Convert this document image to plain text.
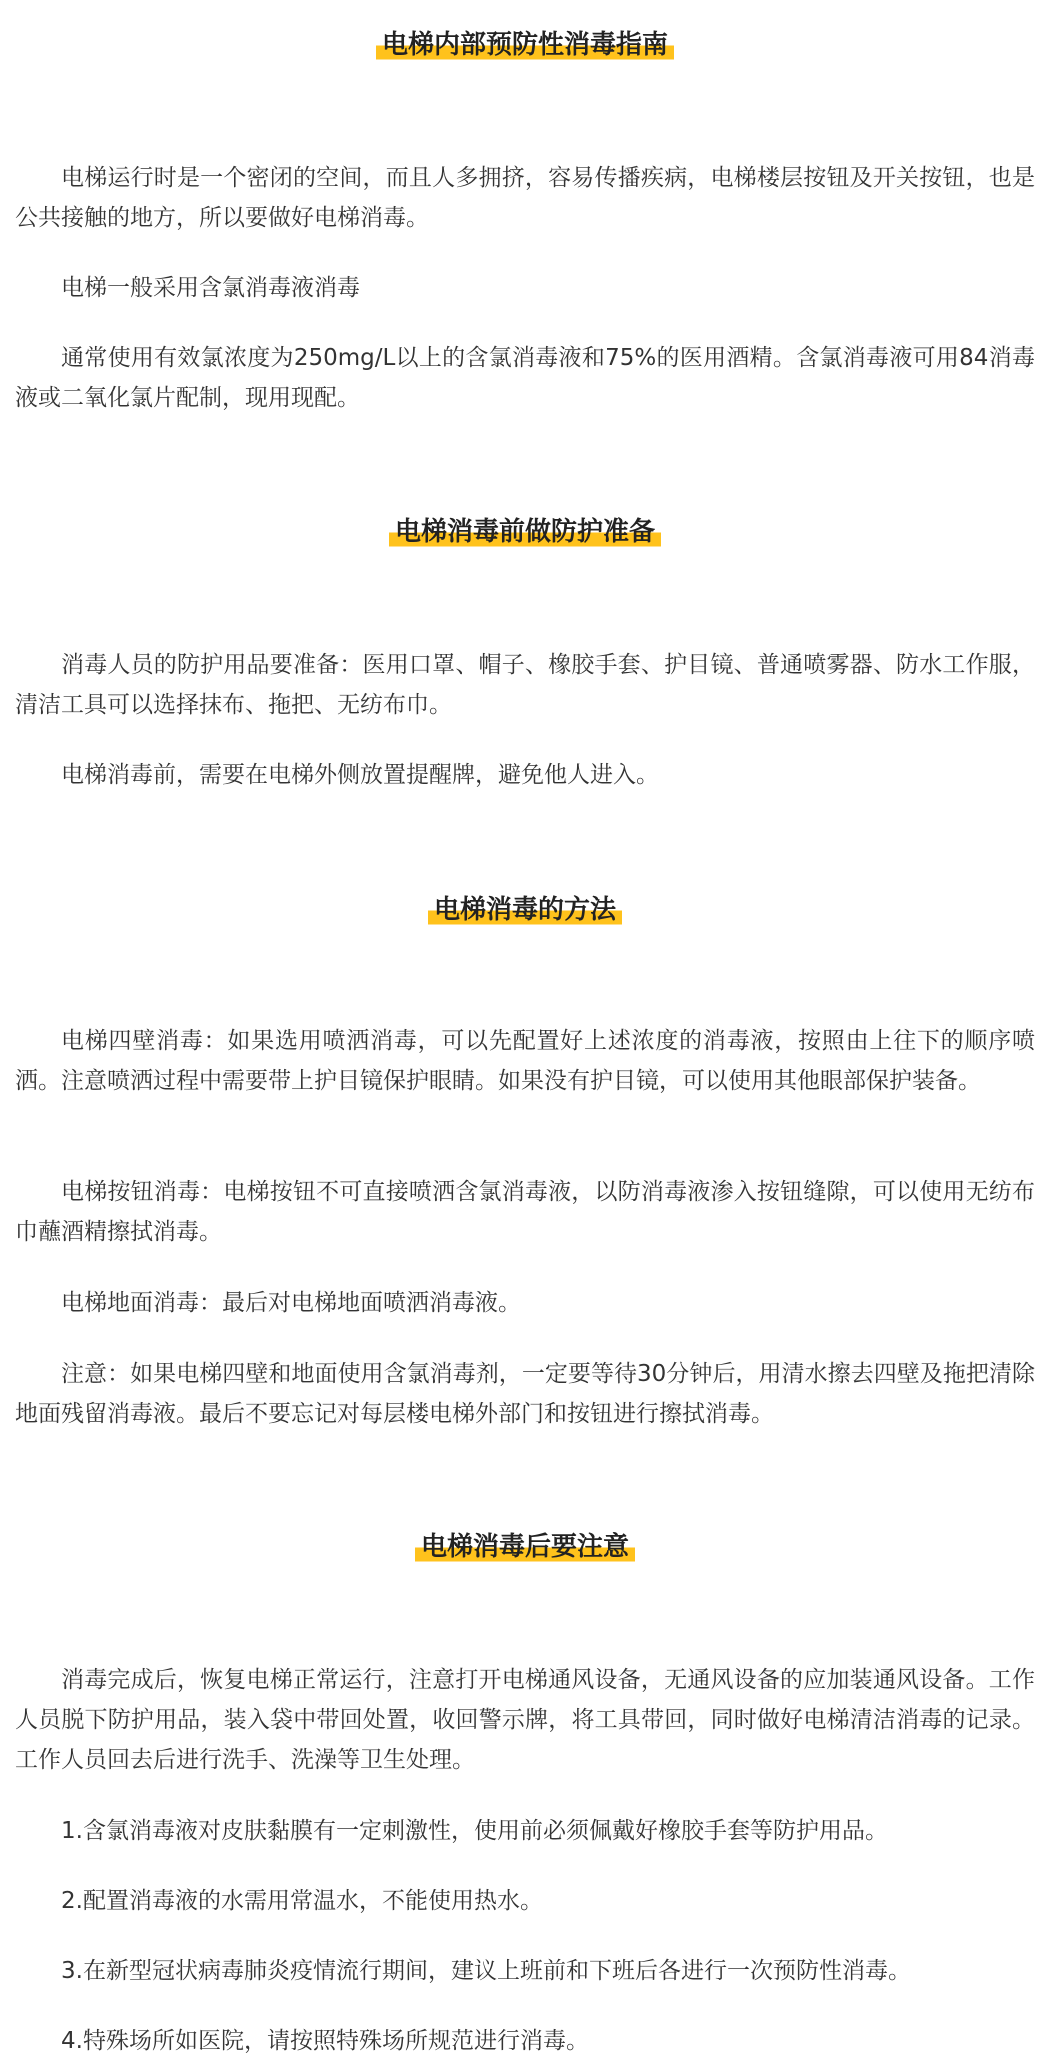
电梯内部预防性消毒指南

电梯运行时是一个密闭的空间，而且人多拥挤，容易传播疾病，电梯楼层按钮及开关按钮，也是公共接触的地方，所以要做好电梯消毒。

电梯一般采用含氯消毒液消毒

通常使用有效氯浓度为250mg/L以上的含氯消毒液和75%的医用酒精。含氯消毒液可用84消毒液或二氧化氯片配制，现用现配。

电梯消毒前做防护准备

消毒人员的防护用品要准备：医用口罩、帽子、橡胶手套、护目镜、普通喷雾器、防水工作服，清洁工具可以选择抹布、拖把、无纺布巾。

电梯消毒前，需要在电梯外侧放置提醒牌，避免他人进入。

电梯消毒的方法

电梯四壁消毒：如果选用喷洒消毒，可以先配置好上述浓度的消毒液，按照由上往下的顺序喷洒。注意喷洒过程中需要带上护目镜保护眼睛。如果没有护目镜，可以使用其他眼部保护装备。

电梯按钮消毒：电梯按钮不可直接喷洒含氯消毒液，以防消毒液渗入按钮缝隙，可以使用无纺布巾蘸酒精擦拭消毒。

电梯地面消毒：最后对电梯地面喷洒消毒液。

注意：如果电梯四壁和地面使用含氯消毒剂，一定要等待30分钟后，用清水擦去四壁及拖把清除地面残留消毒液。最后不要忘记对每层楼电梯外部门和按钮进行擦拭消毒。

电梯消毒后要注意

消毒完成后，恢复电梯正常运行，注意打开电梯通风设备，无通风设备的应加装通风设备。工作人员脱下防护用品，装入袋中带回处置，收回警示牌，将工具带回，同时做好电梯清洁消毒的记录。工作人员回去后进行洗手、洗澡等卫生处理。

1.含氯消毒液对皮肤黏膜有一定刺激性，使用前必须佩戴好橡胶手套等防护用品。

2.配置消毒液的水需用常温水，不能使用热水。

3.在新型冠状病毒肺炎疫情流行期间，建议上班前和下班后各进行一次预防性消毒。

4.特殊场所如医院，请按照特殊场所规范进行消毒。
